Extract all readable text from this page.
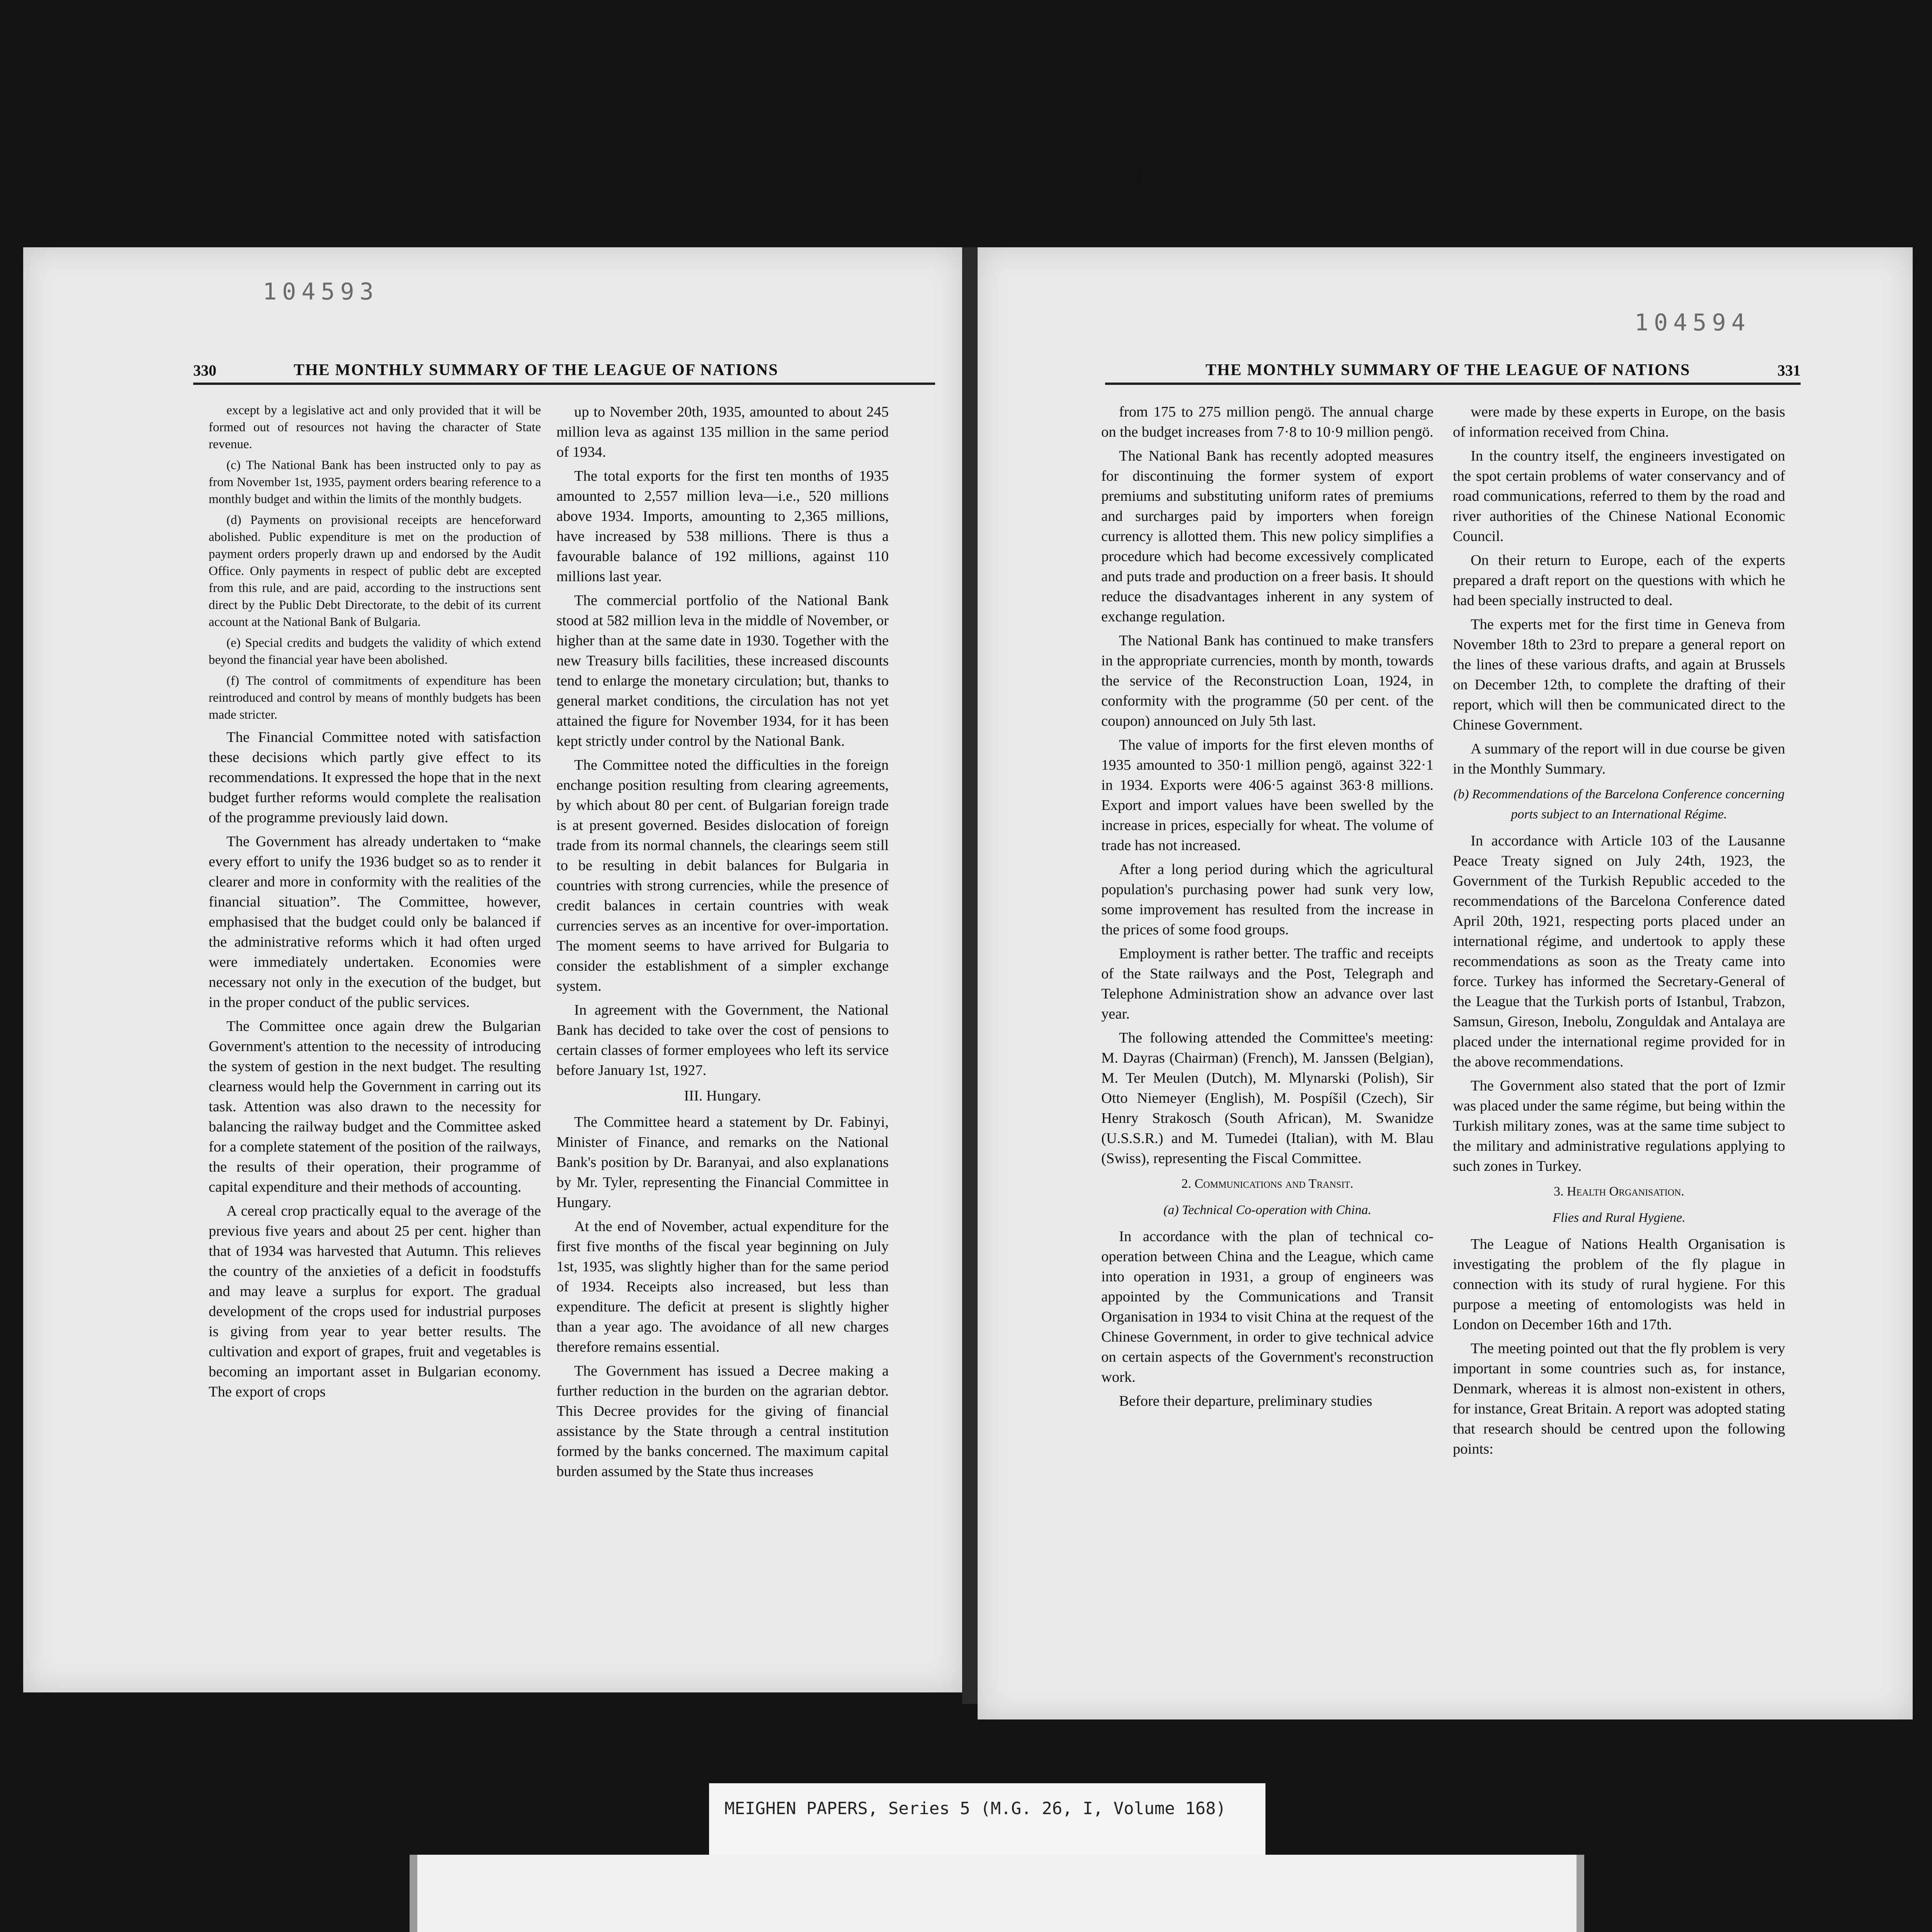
104593
330	THE MONTHLY SUMMARY OF THE LEAGUE OF NATIONS

except by a legislative act and only provided that it will be formed out of resources not having the character of State revenue.

(c) The National Bank has been instructed only to pay as from November 1st, 1935, payment orders bearing reference to a monthly budget and within the limits of the monthly budgets.

(d) Payments on provisional receipts are henceforward abolished. Public expenditure is met on the production of payment orders properly drawn up and endorsed by the Audit Office. Only payments in respect of public debt are excepted from this rule, and are paid, according to the instructions sent direct by the Public Debt Directorate, to the debit of its current account at the National Bank of Bulgaria.

(e) Special credits and budgets the validity of which extend beyond the financial year have been abolished.

(f) The control of commitments of expenditure has been reintroduced and control by means of monthly budgets has been made stricter.

The Financial Committee noted with satisfaction these decisions which partly give effect to its recommendations. It expressed the hope that in the next budget further reforms would complete the realisation of the programme previously laid down.

The Government has already undertaken to “make every effort to unify the 1936 budget so as to render it clearer and more in conformity with the realities of the financial situation”. The Committee, however, emphasised that the budget could only be balanced if the administrative reforms which it had often urged were immediately undertaken. Economies were necessary not only in the execution of the budget, but in the proper conduct of the public services.

The Committee once again drew the Bulgarian Government's attention to the necessity of introducing the system of gestion in the next budget. The resulting clearness would help the Government in carring out its task. Attention was also drawn to the necessity for balancing the railway budget and the Committee asked for a complete statement of the position of the railways, the results of their operation, their programme of capital expenditure and their methods of accounting.

A cereal crop practically equal to the average of the previous five years and about 25 per cent. higher than that of 1934 was harvested that Autumn. This relieves the country of the anxieties of a deficit in foodstuffs and may leave a surplus for export. The gradual development of the crops used for industrial purposes is giving from year to year better results. The cultivation and export of grapes, fruit and vegetables is becoming an important asset in Bulgarian economy. The export of crops

up to November 20th, 1935, amounted to about 245 million leva as against 135 million in the same period of 1934.

The total exports for the first ten months of 1935 amounted to 2,557 million leva—i.e., 520 millions above 1934. Imports, amounting to 2,365 millions, have increased by 538 millions. There is thus a favourable balance of 192 millions, against 110 millions last year.

The commercial portfolio of the National Bank stood at 582 million leva in the middle of November, or higher than at the same date in 1930. Together with the new Treasury bills facilities, these increased discounts tend to enlarge the monetary circulation; but, thanks to general market conditions, the circulation has not yet attained the figure for November 1934, for it has been kept strictly under control by the National Bank.

The Committee noted the difficulties in the foreign enchange position resulting from clearing agreements, by which about 80 per cent. of Bulgarian foreign trade is at present governed. Besides dislocation of foreign trade from its normal channels, the clearings seem still to be resulting in debit balances for Bulgaria in countries with strong currencies, while the presence of credit balances in certain countries with weak currencies serves as an incentive for over-importation. The moment seems to have arrived for Bulgaria to consider the establishment of a simpler exchange system.

In agreement with the Government, the National Bank has decided to take over the cost of pensions to certain classes of former employees who left its service before January 1st, 1927.

III. Hungary.

The Committee heard a statement by Dr. Fabinyi, Minister of Finance, and remarks on the National Bank's position by Dr. Baranyai, and also explanations by Mr. Tyler, representing the Financial Committee in Hungary.

At the end of November, actual expenditure for the first five months of the fiscal year beginning on July 1st, 1935, was slightly higher than for the same period of 1934. Receipts also increased, but less than expenditure. The deficit at present is slightly higher than a year ago. The avoidance of all new charges therefore remains essential.

The Government has issued a Decree making a further reduction in the burden on the agrarian debtor. This Decree provides for the giving of financial assistance by the State through a central institution formed by the banks concerned. The maximum capital burden assumed by the State thus increases

104594
THE MONTHLY SUMMARY OF THE LEAGUE OF NATIONS	331

from 175 to 275 million pengö. The annual charge on the budget increases from 7·8 to 10·9 million pengö.

The National Bank has recently adopted measures for discontinuing the former system of export premiums and substituting uniform rates of premiums and surcharges paid by importers when foreign currency is allotted them. This new policy simplifies a procedure which had become excessively complicated and puts trade and production on a freer basis. It should reduce the disadvantages inherent in any system of exchange regulation.

The National Bank has continued to make transfers in the appropriate currencies, month by month, towards the service of the Reconstruction Loan, 1924, in conformity with the programme (50 per cent. of the coupon) announced on July 5th last.

The value of imports for the first eleven months of 1935 amounted to 350·1 million pengö, against 322·1 in 1934. Exports were 406·5 against 363·8 millions. Export and import values have been swelled by the increase in prices, especially for wheat. The volume of trade has not increased.

After a long period during which the agricultural population's purchasing power had sunk very low, some improvement has resulted from the increase in the prices of some food groups.

Employment is rather better. The traffic and receipts of the State railways and the Post, Telegraph and Telephone Administration show an advance over last year.

The following attended the Committee's meeting: M. Dayras (Chairman) (French), M. Janssen (Belgian), M. Ter Meulen (Dutch), M. Mlynarski (Polish), Sir Otto Niemeyer (English), M. Pospíšil (Czech), Sir Henry Strakosch (South African), M. Swanidze (U.S.S.R.) and M. Tumedei (Italian), with M. Blau (Swiss), representing the Fiscal Committee.

2. Communications and Transit.

(a) Technical Co-operation with China.

In accordance with the plan of technical co-operation between China and the League, which came into operation in 1931, a group of engineers was appointed by the Communications and Transit Organisation in 1934 to visit China at the request of the Chinese Government, in order to give technical advice on certain aspects of the Government's reconstruction work.

Before their departure, preliminary studies

were made by these experts in Europe, on the basis of information received from China.

In the country itself, the engineers investigated on the spot certain problems of water conservancy and of road communications, referred to them by the road and river authorities of the Chinese National Economic Council.

On their return to Europe, each of the experts prepared a draft report on the questions with which he had been specially instructed to deal.

The experts met for the first time in Geneva from November 18th to 23rd to prepare a general report on the lines of these various drafts, and again at Brussels on December 12th, to complete the drafting of their report, which will then be communicated direct to the Chinese Government.

A summary of the report will in due course be given in the Monthly Summary.

(b) Recommendations of the Barcelona Conference concerning ports subject to an International Régime.

In accordance with Article 103 of the Lausanne Peace Treaty signed on July 24th, 1923, the Government of the Turkish Republic acceded to the recommendations of the Barcelona Conference dated April 20th, 1921, respecting ports placed under an international régime, and undertook to apply these recommendations as soon as the Treaty came into force. Turkey has informed the Secretary-General of the League that the Turkish ports of Istanbul, Trabzon, Samsun, Gireson, Inebolu, Zonguldak and Antalaya are placed under the international regime provided for in the above recommendations.

The Government also stated that the port of Izmir was placed under the same régime, but being within the Turkish military zones, was at the same time subject to the military and administrative regulations applying to such zones in Turkey.

3. Health Organisation.

Flies and Rural Hygiene.

The League of Nations Health Organisation is investigating the problem of the fly plague in connection with its study of rural hygiene. For this purpose a meeting of entomologists was held in London on December 16th and 17th.

The meeting pointed out that the fly problem is very important in some countries such as, for instance, Denmark, whereas it is almost non-existent in others, for instance, Great Britain. A report was adopted stating that research should be centred upon the following points:

MEIGHEN PAPERS, Series 5 (M.G. 26, I, Volume 168)
